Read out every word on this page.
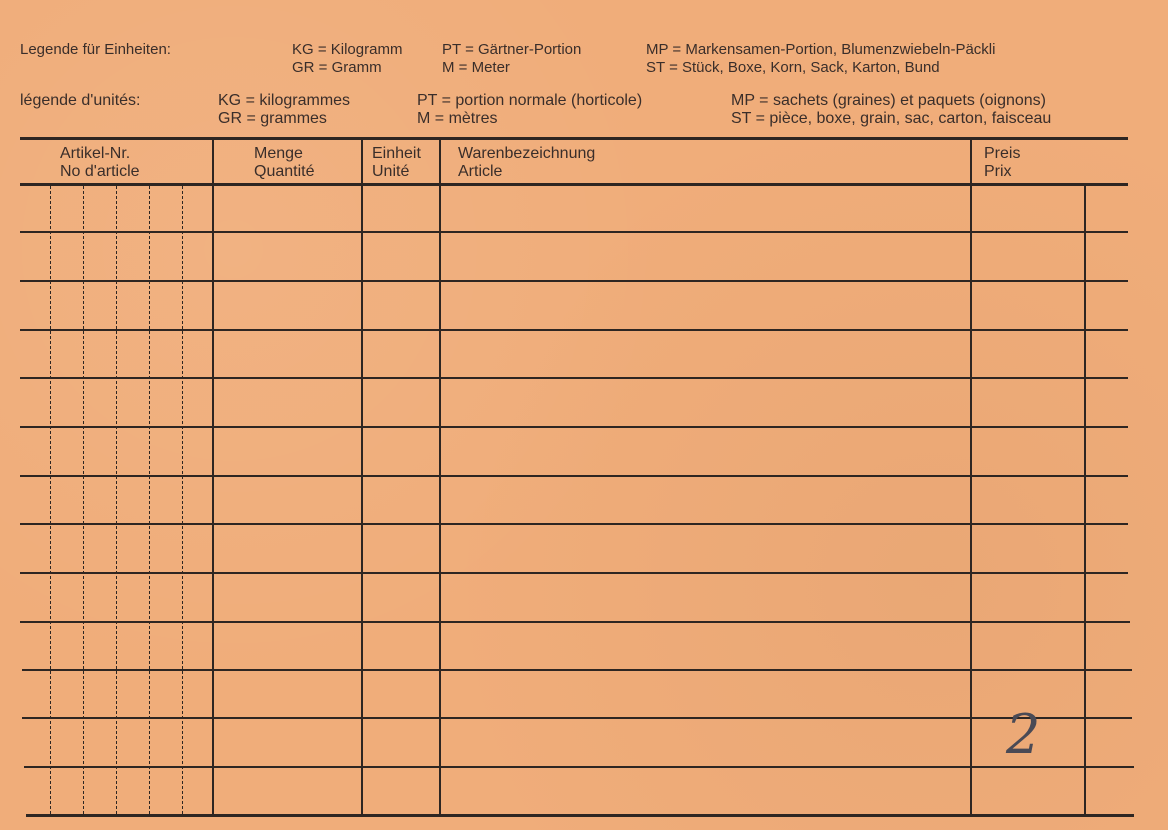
Legende für Einheiten:	KG = Kilogramm
GR = Gramm
PT = Gärtner-Portion
M = Meter
MP = Markensamen-Portion, Blumenzwiebeln-Päckli
ST = Stück, Boxe, Korn, Sack, Karton, Bund
légende d'unités:	KG = kilogrammes
GR = grammes
PT = portion normale (horticole)
M = mètres
MP = sachets (graines) et paquets (oignons)
ST = pièce, boxe, grain, sac, carton, faisceau
Artikel-Nr.
No d'article
Menge
Quantité
Einheit
Unité
Warenbezeichnung
Article
Preis
Prix
2
